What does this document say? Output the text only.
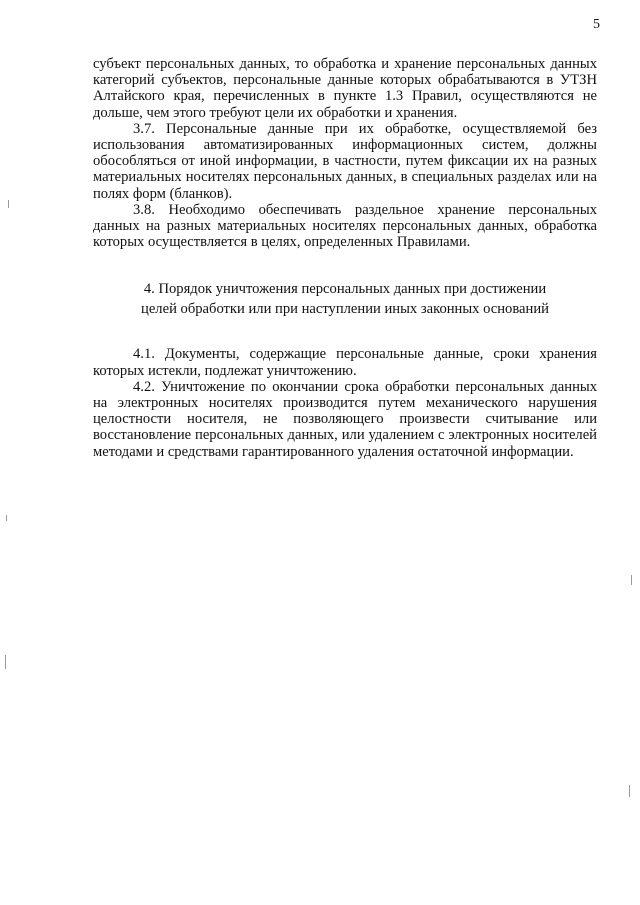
5

субъект персональных данных, то обработка и хранение персональных данных категорий субъектов, персональные данные которых обрабатываются в УТЗН Алтайского края, перечисленных в пункте 1.3 Правил, осуществляются не дольше, чем этого требуют цели их обработки и хранения.

3.7. Персональные данные при их обработке, осуществляемой без использования автоматизированных информационных систем, должны обособляться от иной информации, в частности, путем фиксации их на разных материальных носителях персональных данных, в специальных разделах или на полях форм (бланков).

3.8. Необходимо обеспечивать раздельное хранение персональных данных на разных материальных носителях персональных данных, обработка которых осуществляется в целях, определенных Правилами.

4. Порядок уничтожения персональных данных при достижении
целей обработки или при наступлении иных законных оснований

4.1. Документы, содержащие персональные данные, сроки хранения которых истекли, подлежат уничтожению.

4.2. Уничтожение по окончании срока обработки персональных данных на электронных носителях производится путем механического нарушения целостности носителя, не позволяющего произвести считывание или восстановление персональных данных, или удалением с электронных носителей методами и средствами гарантированного удаления остаточной информации.
